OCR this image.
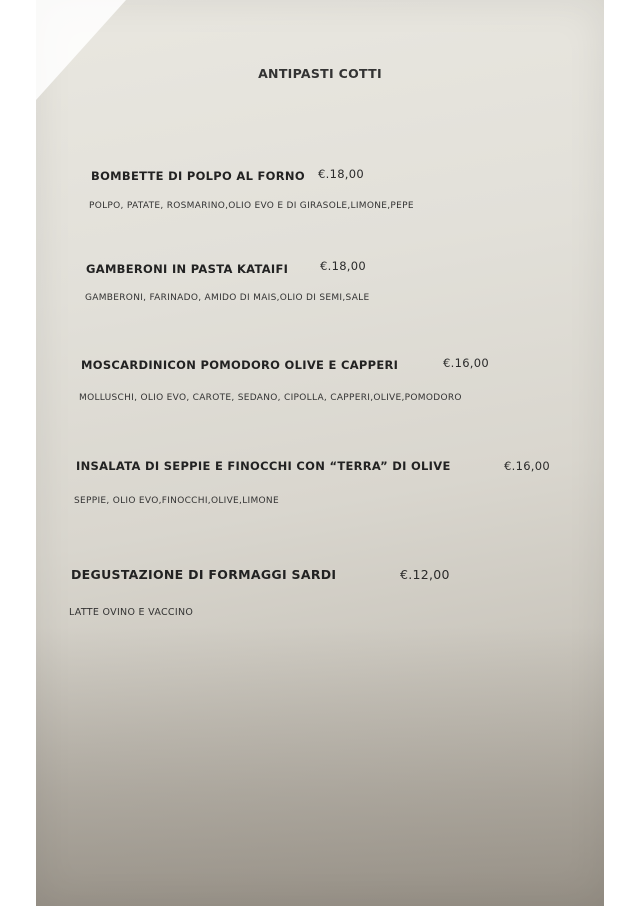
ANTIPASTI COTTI
BOMBETTE DI POLPO AL FORNO €.18,00
POLPO, PATATE, ROSMARINO,OLIO EVO E DI GIRASOLE,LIMONE,PEPE
GAMBERONI IN PASTA KATAIFI	€.18,00
GAMBERONI, FARINADO, AMIDO DI MAIS,OLIO DI SEMI,SALE
MOSCARDINICON POMODORO OLIVE E CAPPERI	€.16,00
MOLLUSCHI, OLIO EVO, CAROTE, SEDANO, CIPOLLA, CAPPERI,OLIVE,POMODORO
INSALATA DI SEPPIE E FINOCCHI CON “TERRA” DI OLIVE	€.16,00
SEPPIE, OLIO EVO,FINOCCHI,OLIVE,LIMONE
DEGUSTAZIONE DI FORMAGGI SARDI	€.12,00
LATTE OVINO E VACCINO
